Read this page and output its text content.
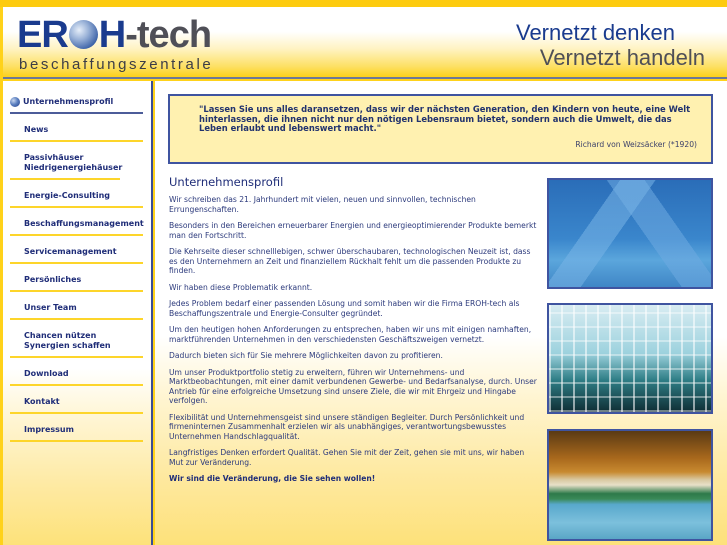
ER H-tech
beschaffungszentrale
Vernetzt denken
Vernetzt handeln
Unternehmensprofil
News
Passivhäuser Niedrigenergiehäuser
Energie-Consulting
Beschaffungsmanagement
Servicemanagement
Persönliches
Unser Team
Chancen nützen Synergien schaffen
Download
Kontakt
Impressum
"Lassen Sie uns alles daransetzen, dass wir der nächsten Generation, den Kindern von heute, eine Welt hinterlassen, die ihnen nicht nur den nötigen Lebensraum bietet, sondern auch die Umwelt, die das Leben erlaubt und lebenswert macht."
Richard von Weizsäcker (*1920)
Unternehmensprofil

Wir schreiben das 21. Jahrhundert mit vielen, neuen und sinnvollen, technischen Errungenschaften.

Besonders in den Bereichen erneuerbarer Energien und energieoptimierender Produkte bemerkt man den Fortschritt.

Die Kehrseite dieser schnelllebigen, schwer überschaubaren, technologischen Neuzeit ist, dass es den Unternehmern an Zeit und finanziellem Rückhalt fehlt um die passenden Produkte zu finden.

Wir haben diese Problematik erkannt.

Jedes Problem bedarf einer passenden Lösung und somit haben wir die Firma EROH-tech als Beschaffungszentrale und Energie-Consulter gegründet.

Um den heutigen hohen Anforderungen zu entsprechen, haben wir uns mit einigen namhaften, marktführenden Unternehmen in den verschiedensten Geschäftszweigen vernetzt.

Dadurch bieten sich für Sie mehrere Möglichkeiten davon zu profitieren.

Um unser Produktportfolio stetig zu erweitern, führen wir Unternehmens- und Marktbeobachtungen, mit einer damit verbundenen Gewerbe- und Bedarfsanalyse, durch. Unser Antrieb für eine erfolgreiche Umsetzung sind unsere Ziele, die wir mit Ehrgeiz und Hingabe verfolgen.

Flexibilität und Unternehmensgeist sind unsere ständigen Begleiter. Durch Persönlichkeit und firmeninternen Zusammenhalt erzielen wir als unabhängiges, verantwortungsbewusstes Unternehmen Handschlagqualität.

Langfristiges Denken erfordert Qualität. Gehen Sie mit der Zeit, gehen sie mit uns, wir haben Mut zur Veränderung.

Wir sind die Veränderung, die Sie sehen wollen!
